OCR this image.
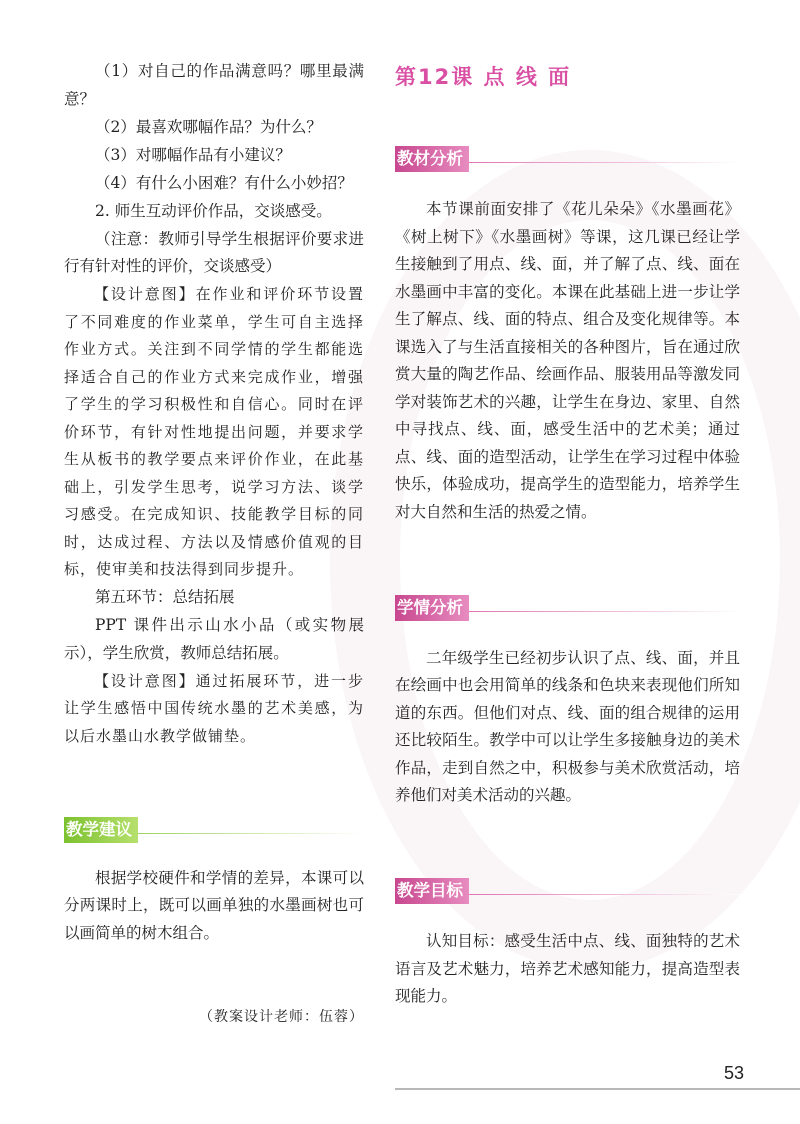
（1）对自己的作品满意吗？哪里最满意？

（2）最喜欢哪幅作品？为什么？

（3）对哪幅作品有小建议？

（4）有什么小困难？有什么小妙招？

2. 师生互动评价作品，交谈感受。

（注意：教师引导学生根据评价要求进行有针对性的评价，交谈感受）

【设计意图】在作业和评价环节设置了不同难度的作业菜单，学生可自主选择作业方式。关注到不同学情的学生都能选择适合自己的作业方式来完成作业，增强了学生的学习积极性和自信心。同时在评价环节，有针对性地提出问题，并要求学生从板书的教学要点来评价作业，在此基础上，引发学生思考，说学习方法、谈学习感受。在完成知识、技能教学目标的同时，达成过程、方法以及情感价值观的目标，使审美和技法得到同步提升。

第五环节：总结拓展

PPT 课件出示山水小品（或实物展示），学生欣赏，教师总结拓展。

【设计意图】通过拓展环节，进一步让学生感悟中国传统水墨的艺术美感，为以后水墨山水教学做铺垫。

教学建议

根据学校硬件和学情的差异，本课可以分两课时上，既可以画单独的水墨画树也可以画简单的树木组合。

（教案设计老师：伍蓉）

第12课 点 线 面
教材分析

本节课前面安排了《花儿朵朵》《水墨画花》《树上树下》《水墨画树》等课，这几课已经让学生接触到了用点、线、面，并了解了点、线、面在水墨画中丰富的变化。本课在此基础上进一步让学生了解点、线、面的特点、组合及变化规律等。本课选入了与生活直接相关的各种图片，旨在通过欣赏大量的陶艺作品、绘画作品、服装用品等激发同学对装饰艺术的兴趣，让学生在身边、家里、自然中寻找点、线、面，感受生活中的艺术美；通过点、线、面的造型活动，让学生在学习过程中体验快乐，体验成功，提高学生的造型能力，培养学生对大自然和生活的热爱之情。

学情分析

二年级学生已经初步认识了点、线、面，并且在绘画中也会用简单的线条和色块来表现他们所知道的东西。但他们对点、线、面的组合规律的运用还比较陌生。教学中可以让学生多接触身边的美术作品，走到自然之中，积极参与美术欣赏活动，培养他们对美术活动的兴趣。

教学目标

认知目标：感受生活中点、线、面独特的艺术语言及艺术魅力，培养艺术感知能力，提高造型表现能力。

53
